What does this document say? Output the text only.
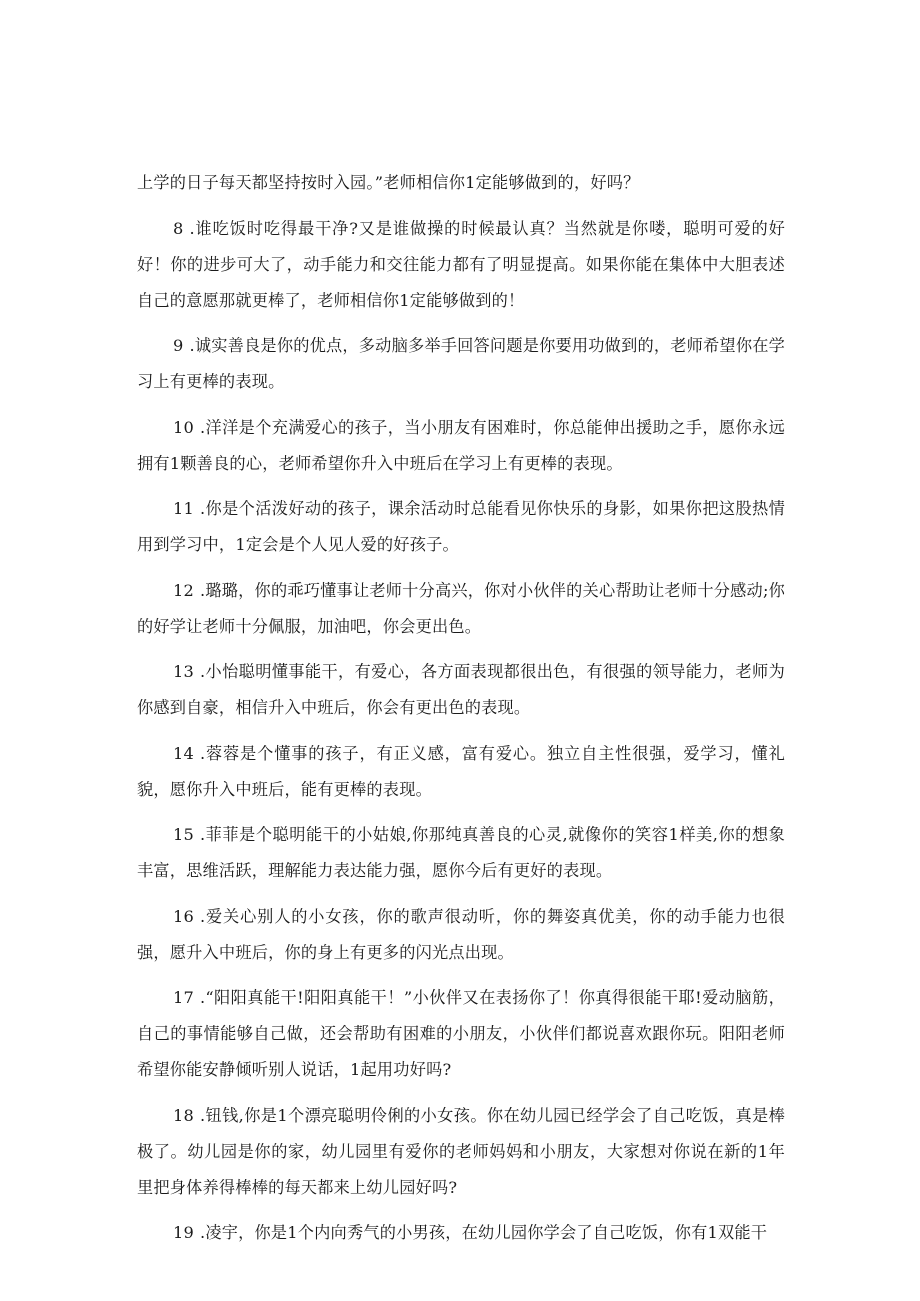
上学的日子每天都坚持按时入园。”老师相信你1定能够做到的，好吗？

8 .谁吃饭时吃得最干净?又是谁做操的时候最认真？当然就是你喽，聪明可爱的好好！你的进步可大了，动手能力和交往能力都有了明显提高。如果你能在集体中大胆表述自己的意愿那就更棒了，老师相信你1定能够做到的！

9 .诚实善良是你的优点，多动脑多举手回答问题是你要用功做到的，老师希望你在学习上有更棒的表现。

10 .洋洋是个充满爱心的孩子，当小朋友有困难时，你总能伸出援助之手，愿你永远拥有1颗善良的心，老师希望你升入中班后在学习上有更棒的表现。

11 .你是个活泼好动的孩子，课余活动时总能看见你快乐的身影，如果你把这股热情用到学习中，1定会是个人见人爱的好孩子。

12 .璐璐，你的乖巧懂事让老师十分高兴，你对小伙伴的关心帮助让老师十分感动;你的好学让老师十分佩服，加油吧，你会更出色。

13 .小怡聪明懂事能干，有爱心，各方面表现都很出色，有很强的领导能力，老师为你感到自豪，相信升入中班后，你会有更出色的表现。

14 .蓉蓉是个懂事的孩子，有正义感，富有爱心。独立自主性很强，爱学习，懂礼貌，愿你升入中班后，能有更棒的表现。

15 .菲菲是个聪明能干的小姑娘,你那纯真善良的心灵,就像你的笑容1样美,你的想象丰富，思维活跃，理解能力表达能力强，愿你今后有更好的表现。

16 .爱关心别人的小女孩，你的歌声很动听，你的舞姿真优美，你的动手能力也很强，愿升入中班后，你的身上有更多的闪光点出现。

17 .“阳阳真能干!阳阳真能干！”小伙伴又在表扬你了！你真得很能干耶!爱动脑筋，自己的事情能够自己做，还会帮助有困难的小朋友，小伙伴们都说喜欢跟你玩。阳阳老师希望你能安静倾听别人说话，1起用功好吗?

18 .钮钱,你是1个漂亮聪明伶俐的小女孩。你在幼儿园已经学会了自己吃饭，真是棒极了。幼儿园是你的家，幼儿园里有爱你的老师妈妈和小朋友，大家想对你说在新的1年里把身体养得棒棒的每天都来上幼儿园好吗?

19 .凌宇，你是1个内向秀气的小男孩，在幼儿园你学会了自己吃饭，你有1双能干
